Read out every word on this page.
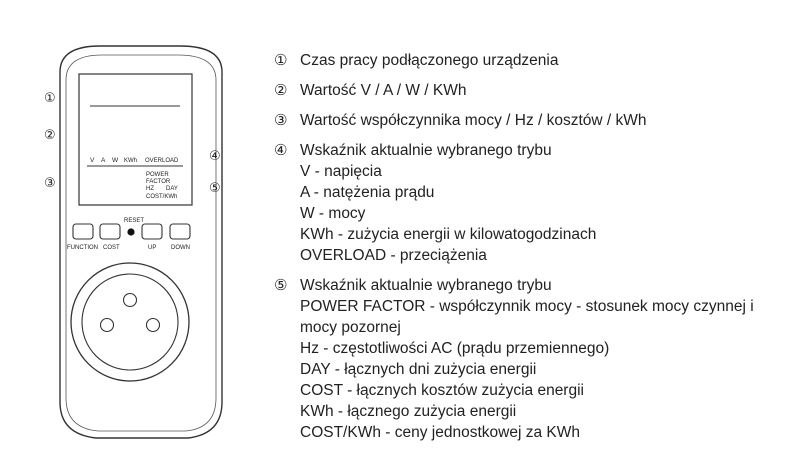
V A W KWh OVERLOAD
POWER
FACTOR
HZ DAY
COST/KWh
RESET
FUNCTION COST	UP DOWN
①
②
③
④
⑤
① Czas pracy podłączonego urządzenia
② Wartość V / A / W / KWh
③ Wartość współczynnika mocy / Hz / kosztów / kWh
④ Wskaźnik aktualnie wybranego trybu
V - napięcia
A - natężenia prądu
W - mocy
KWh - zużycia energii w kilowatogodzinach
OVERLOAD - przeciążenia
⑤ Wskaźnik aktualnie wybranego trybu
POWER FACTOR - współczynnik mocy - stosunek mocy czynnej i mocy pozornej
Hz - częstotliwości AC (prądu przemiennego)
DAY - łącznych dni zużycia energii
COST - łącznych kosztów zużycia energii
KWh - łącznego zużycia energii
COST/KWh - ceny jednostkowej za KWh
